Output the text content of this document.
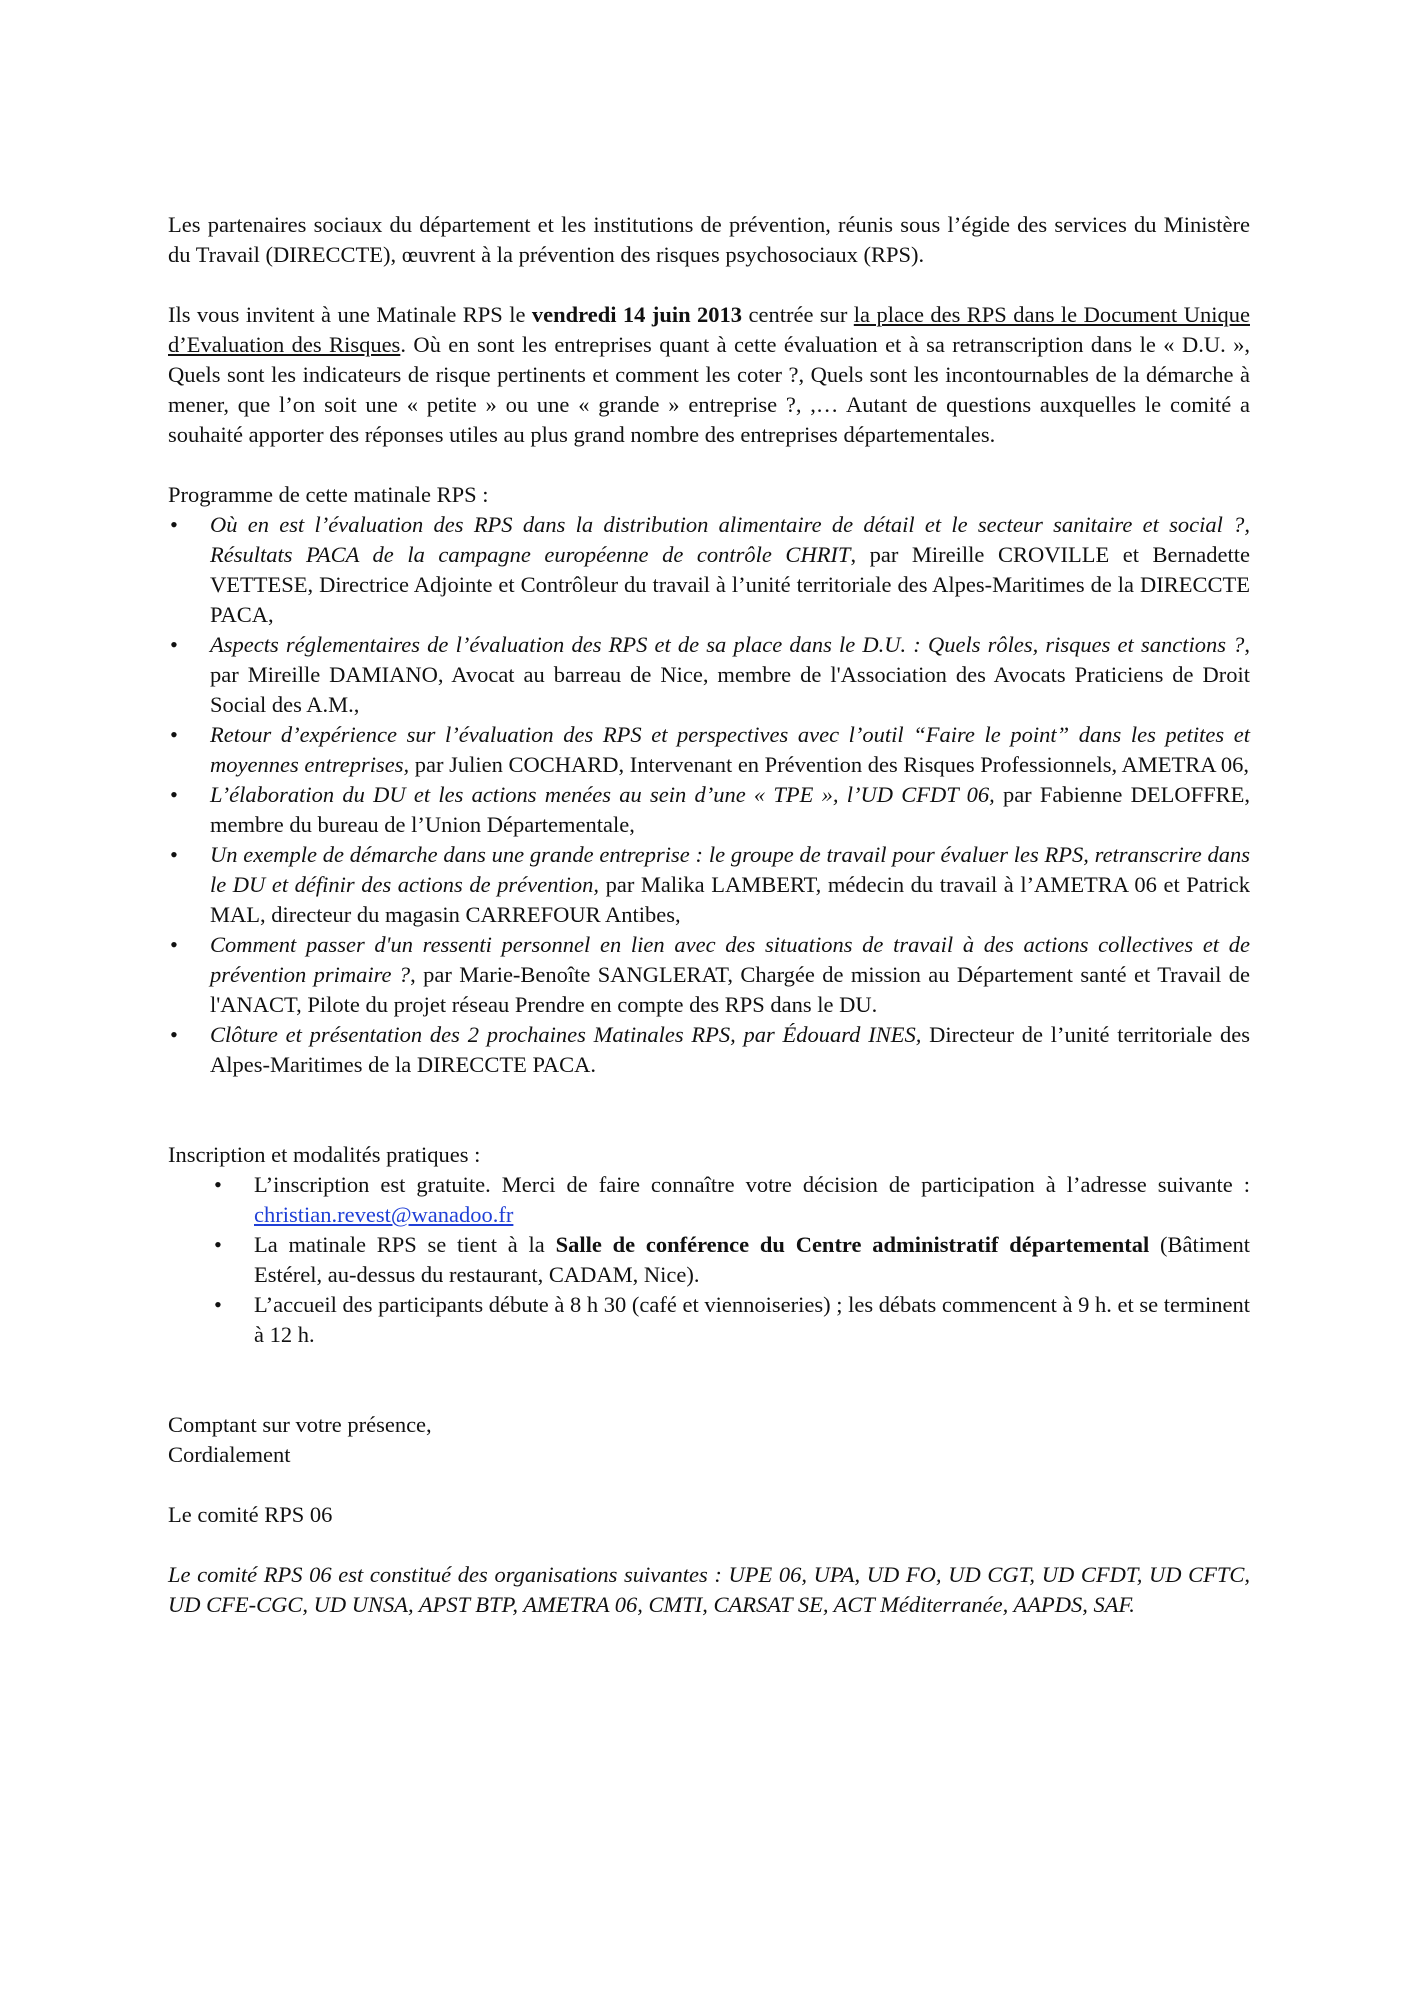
Les partenaires sociaux du département et les institutions de prévention, réunis sous l’égide des services du Ministère du Travail (DIRECCTE), œuvrent à la prévention des risques psychosociaux (RPS).

Ils vous invitent à une Matinale RPS le vendredi 14 juin 2013 centrée sur la place des RPS dans le Document Unique d’Evaluation des Risques. Où en sont les entreprises quant à cette évaluation et à sa retranscription dans le « D.U. », Quels sont les indicateurs de risque pertinents et comment les coter ?, Quels sont les incontournables de la démarche à mener, que l’on soit une « petite » ou une « grande » entreprise ?, ,… Autant de questions auxquelles le comité a souhaité apporter des réponses utiles au plus grand nombre des entreprises départementales.

Programme de cette matinale RPS :

• Où en est l’évaluation des RPS dans la distribution alimentaire de détail et le secteur sanitaire et social ?, Résultats PACA de la campagne européenne de contrôle CHRIT, par Mireille CROVILLE et Bernadette VETTESE, Directrice Adjointe et Contrôleur du travail à l’unité territoriale des Alpes-Maritimes de la DIRECCTE PACA,
• Aspects réglementaires de l’évaluation des RPS et de sa place dans le D.U. : Quels rôles, risques et sanctions ?, par Mireille DAMIANO, Avocat au barreau de Nice, membre de l'Association des Avocats Praticiens de Droit Social des A.M.,
• Retour d’expérience sur l’évaluation des RPS et perspectives avec l’outil “Faire le point” dans les petites et moyennes entreprises, par Julien COCHARD, Intervenant en Prévention des Risques Professionnels, AMETRA 06,
• L’élaboration du DU et les actions menées au sein d’une « TPE », l’UD CFDT 06, par Fabienne DELOFFRE, membre du bureau de l’Union Départementale,
• Un exemple de démarche dans une grande entreprise : le groupe de travail pour évaluer les RPS, retranscrire dans le DU et définir des actions de prévention, par Malika LAMBERT, médecin du travail à l’AMETRA 06 et Patrick MAL, directeur du magasin CARREFOUR Antibes,
• Comment passer d'un ressenti personnel en lien avec des situations de travail à des actions collectives et de prévention primaire ?, par Marie-Benoîte SANGLERAT, Chargée de mission au Département santé et Travail de l'ANACT, Pilote du projet réseau Prendre en compte des RPS dans le DU.
• Clôture et présentation des 2 prochaines Matinales RPS, par Édouard INES, Directeur de l’unité territoriale des Alpes-Maritimes de la DIRECCTE PACA.

Inscription et modalités pratiques :

• L’inscription est gratuite. Merci de faire connaître votre décision de participation à l’adresse suivante : christian.revest@wanadoo.fr
• La matinale RPS se tient à la Salle de conférence du Centre administratif départemental (Bâtiment Estérel, au-dessus du restaurant, CADAM, Nice).
• L’accueil des participants débute à 8 h 30 (café et viennoiseries) ; les débats commencent à 9 h. et se terminent à 12 h.

Comptant sur votre présence,

Cordialement

Le comité RPS 06

Le comité RPS 06 est constitué des organisations suivantes : UPE 06, UPA, UD FO, UD CGT, UD CFDT, UD CFTC, UD CFE-CGC, UD UNSA, APST BTP, AMETRA 06, CMTI, CARSAT SE, ACT Méditerranée, AAPDS, SAF.
